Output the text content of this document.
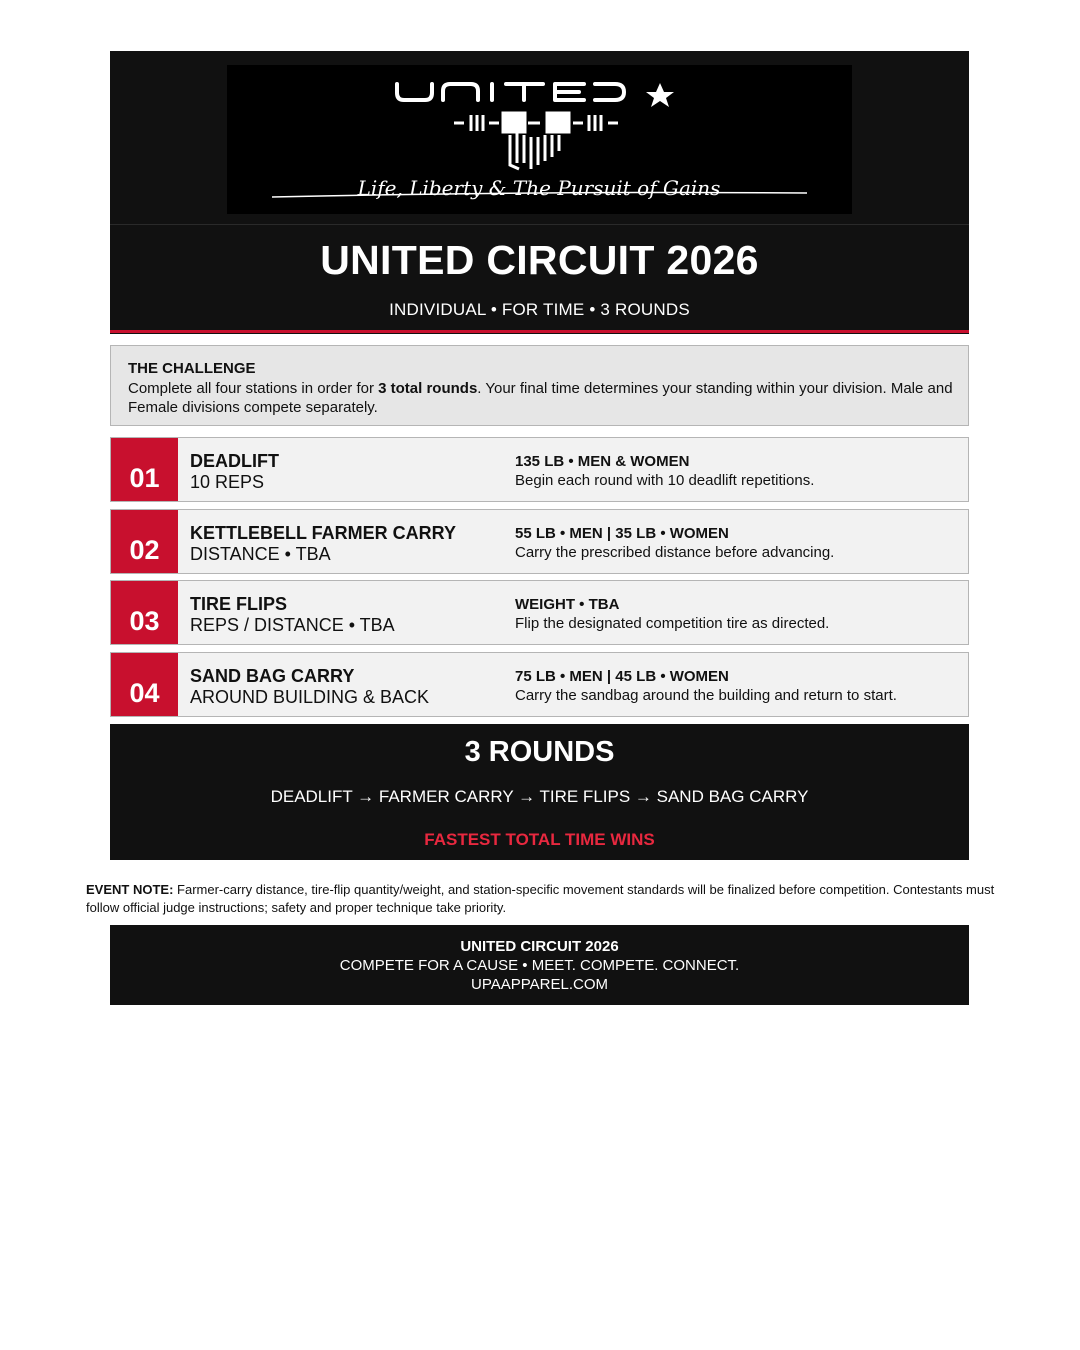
Life, Liberty & The Pursuit of Gains
UNITED CIRCUIT 2026
INDIVIDUAL • FOR TIME • 3 ROUNDS
THE CHALLENGE
Complete all four stations in order for 3 total rounds. Your final time determines your standing within your division. Male and Female divisions compete separately.
01
DEADLIFT
10 REPS
135 LB • MEN & WOMEN
Begin each round with 10 deadlift repetitions.
02
KETTLEBELL FARMER CARRY
DISTANCE • TBA
55 LB • MEN | 35 LB • WOMEN
Carry the prescribed distance before advancing.
03
TIRE FLIPS
REPS / DISTANCE • TBA
WEIGHT • TBA
Flip the designated competition tire as directed.
04
SAND BAG CARRY
AROUND BUILDING & BACK
75 LB • MEN | 45 LB • WOMEN
Carry the sandbag around the building and return to start.
3 ROUNDS
DEADLIFT → FARMER CARRY → TIRE FLIPS → SAND BAG CARRY
FASTEST TOTAL TIME WINS
EVENT NOTE: Farmer-carry distance, tire-flip quantity/weight, and station-specific movement standards will be finalized before competition. Contestants must follow official judge instructions; safety and proper technique take priority.
UNITED CIRCUIT 2026
COMPETE FOR A CAUSE • MEET. COMPETE. CONNECT.
UPAAPPAREL.COM
